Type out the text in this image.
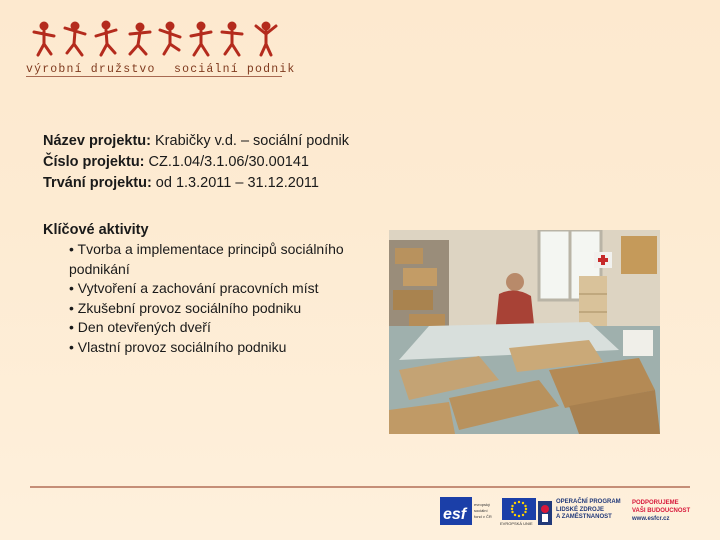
výrobní družstvo sociální podnik
Název projektu: Krabičky v.d. – sociální podnik
Číslo projektu: CZ.1.04/3.1.06/30.00141
Trvání projektu: od 1.3.2011 – 31.12.2011
Klíčové aktivity
• Tvorba a implementace principů sociálního
podnikání
• Vytvoření a zachování pracovních míst
• Zkušební provoz sociálního podniku
• Den otevřených dveří
• Vlastní provoz sociálního podniku
esf
evropský
sociální
fond v ČR
EVROPSKÁ UNIE
OPERAČNÍ PROGRAM
LIDSKÉ ZDROJE
A ZAMĚSTNANOST
PODPORUJEME
VAŠI BUDOUCNOST
www.esfcr.cz
